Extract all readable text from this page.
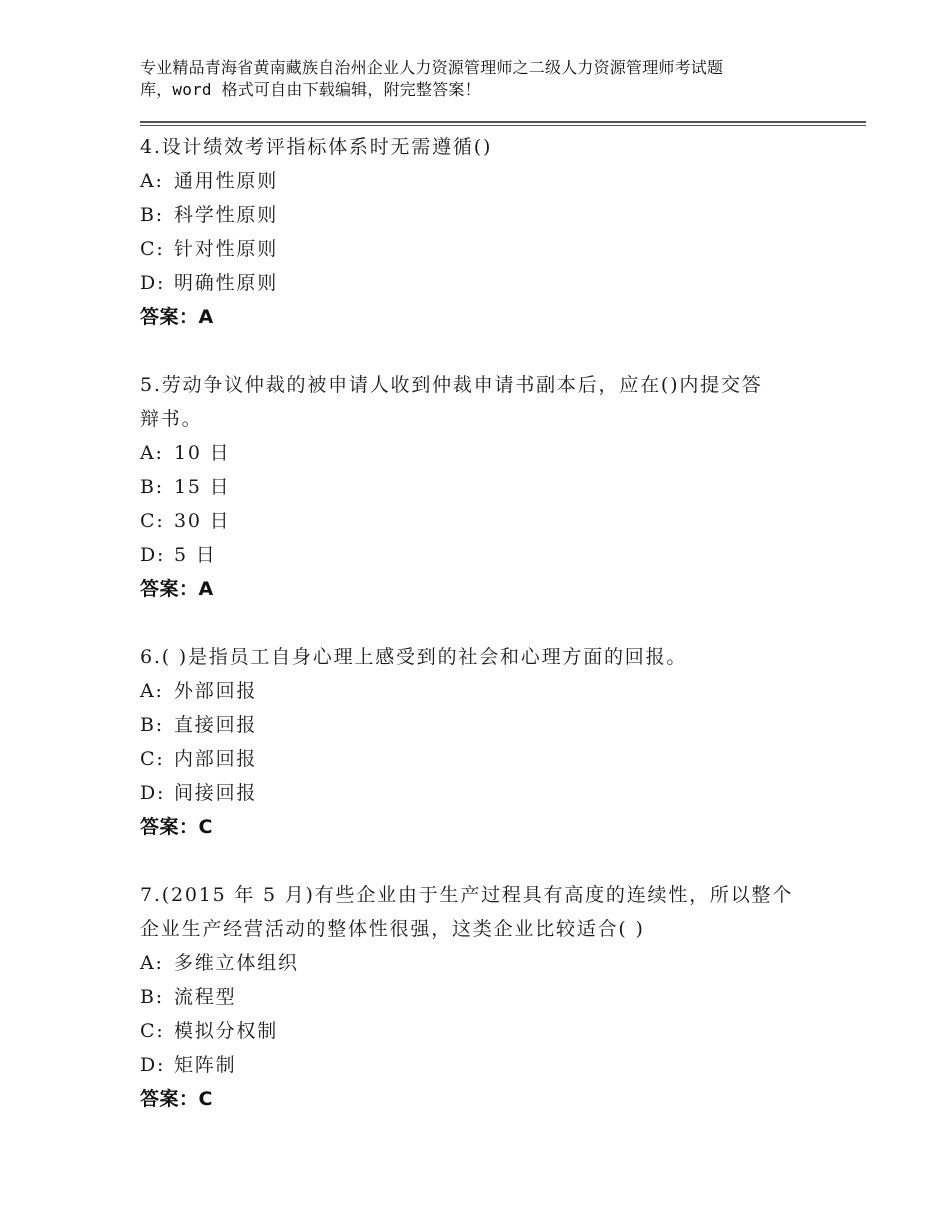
专业精品青海省黄南藏族自治州企业人力资源管理师之二级人力资源管理师考试题
库，word 格式可自由下载编辑，附完整答案！
4.设计绩效考评指标体系时无需遵循()
A: 通用性原则
B: 科学性原则
C: 针对性原则
D: 明确性原则
答案：A
5.劳动争议仲裁的被申请人收到仲裁申请书副本后，应在()内提交答
辩书。
A: 10 日
B: 15 日
C: 30 日
D: 5 日
答案：A
6.( )是指员工自身心理上感受到的社会和心理方面的回报。
A: 外部回报
B: 直接回报
C: 内部回报
D: 间接回报
答案：C
7.(2015 年 5 月)有些企业由于生产过程具有高度的连续性，所以整个
企业生产经营活动的整体性很强，这类企业比较适合( )
A: 多维立体组织
B: 流程型
C: 模拟分权制
D: 矩阵制
答案：C
